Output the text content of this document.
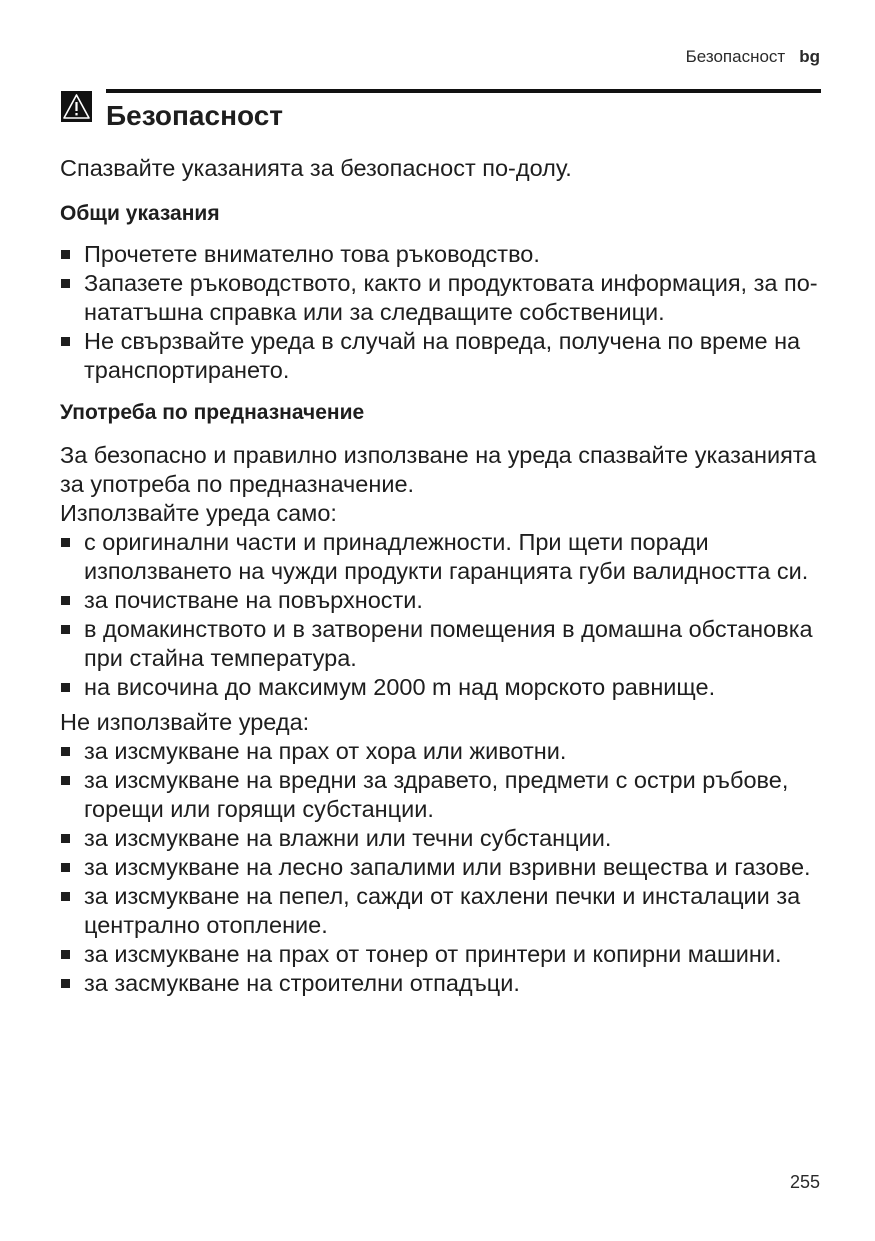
Безопасност bg
Безопасност

Спазвайте указанията за безопасност по-долу.

Общи указания
Прочетете внимателно това ръководство.
Запазете ръководството, както и продуктовата информация, за по-нататъшна справка или за следващите собственици.
Не свързвайте уреда в случай на повреда, получена по време на транспортирането.
Употреба по предназначение

За безопасно и правилно използване на уреда спазвайте указанията за употреба по предназначение.

Използвайте уреда само:

с оригинални части и принадлежности. При щети поради използването на чужди продукти гаранцията губи валидността си.
за почистване на повърхности.
в домакинството и в затворени помещения в домашна обстановка при стайна температура.
на височина до максимум 2000 m над морското равнище.

Не използвайте уреда:

за изсмукване на прах от хора или животни.
за изсмукване на вредни за здравето, предмети с остри ръбове, горещи или горящи субстанции.
за изсмукване на влажни или течни субстанции.
за изсмукване на лесно запалими или взривни вещества и газове.
за изсмукване на пепел, сажди от кахлени печки и инсталации за централно отопление.
за изсмукване на прах от тонер от принтери и копирни машини.
за засмукване на строителни отпадъци.
255
